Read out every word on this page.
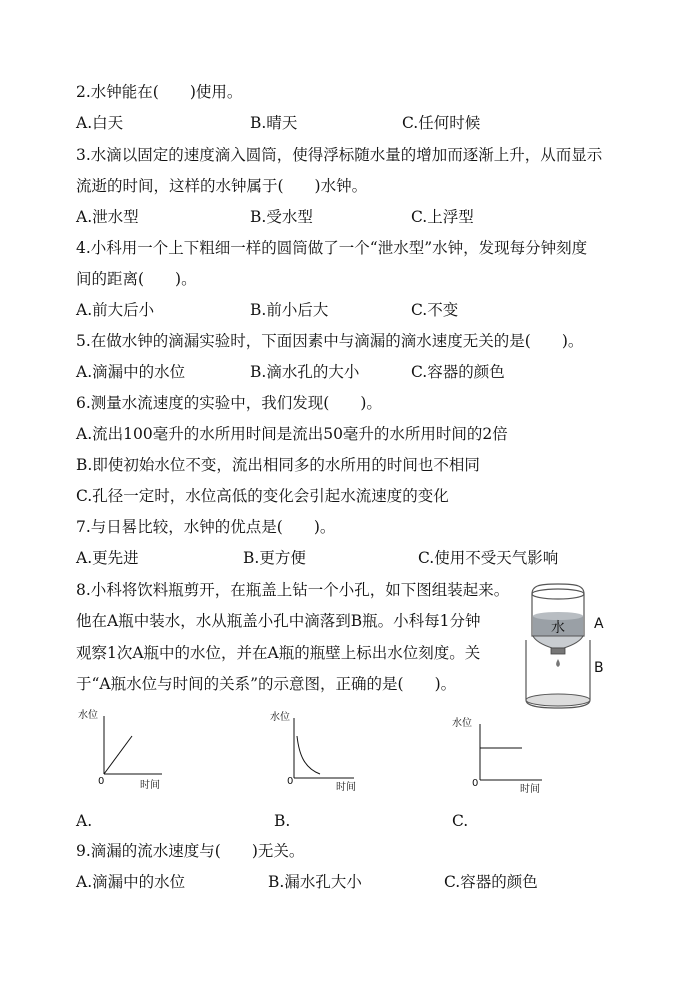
2.水钟能在(　　)使用。
A.白天	B.晴天	C.任何时候
3.水滴以固定的速度滴入圆筒，使得浮标随水量的增加而逐渐上升，从而显示
流逝的时间，这样的水钟属于(　　)水钟。
A.泄水型	B.受水型	C.上浮型
4.小科用一个上下粗细一样的圆筒做了一个“泄水型”水钟，发现每分钟刻度
间的距离(　　)。
A.前大后小	B.前小后大	C.不变
5.在做水钟的滴漏实验时，下面因素中与滴漏的滴水速度无关的是(　　)。
A.滴漏中的水位	B.滴水孔的大小	C.容器的颜色
6.测量水流速度的实验中，我们发现(　　)。
A.流出100毫升的水所用时间是流出50毫升的水所用时间的2倍
B.即使初始水位不变，流出相同多的水所用的时间也不相同
C.孔径一定时，水位高低的变化会引起水流速度的变化
7.与日晷比较，水钟的优点是(　　)。
A.更先进	B.更方便	C.使用不受天气影响
8.小科将饮料瓶剪开，在瓶盖上钻一个小孔，如下图组装起来。
他在A瓶中装水，水从瓶盖小孔中滴落到B瓶。小科每1分钟
观察1次A瓶中的水位，并在A瓶的瓶壁上标出水位刻度。关
于“A瓶水位与时间的关系”的示意图，正确的是(　　)。
水 A
B
水位
0	时间
水位
0
时间
水位
0
时间
A.	B.	C.
9.滴漏的流水速度与(　　)无关。
A.滴漏中的水位	B.漏水孔大小	C.容器的颜色
